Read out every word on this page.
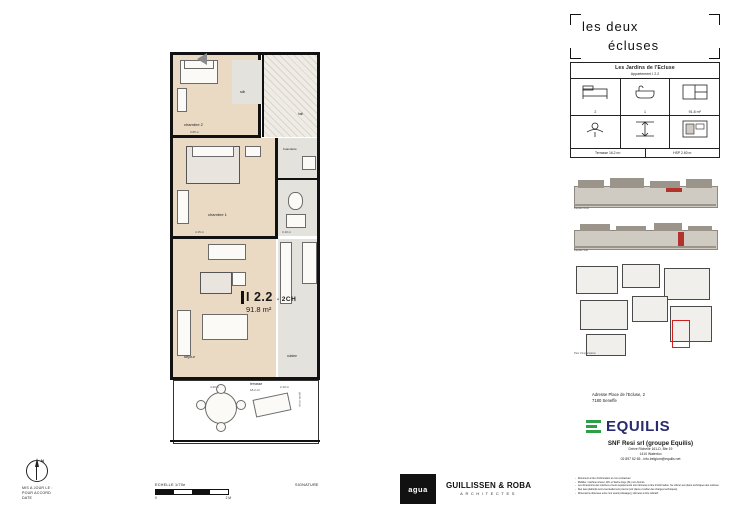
chambre 2
hall
sdb
chambre 1
buanderie
séjour	cuisine
terrasse
18.2 m²
garde-corps
4.20 m	2.10 m
4.15 m	3.10 m
3.65 m
I 2.2 - 2CH
91.8 m²
N
MIS A JOUR LE :
POUR ACCORD
DATE
ECHELLE 1/70e
0	2 M
SIGNATURE	agua GUILLISSEN & ROBA
ARCHITECTES
- Document à titre d'information et non contractuel.
- Mobilier, machine à laver, WC et Séche-linge (SL) non fournis.
- Les dimensions des cuisines et leurs équipements sont données à titre d'information. Se référer aux plans techniques des cuisines.
- Des taux-plafonds sont éventuellement prévus (voir plans et cahier des charges techniques).
- Dimensions obtenues entre mur avant polissage(,) données à titre indicatif.
les deux
écluses
Les Jardins de l'Ecluse
Appartement I 2.2
2	1	91.8 m²
Terrasse 16.2 m²	HSP 2.60 m
Façade Nord
Façade Sud
Plan d'implantation
Adresse Place de l'Ecluse, 2
7180 Seneffe
EQUILIS
SNF Resi srl (groupe Equilis)
Drève Richelle 161-D, Bte 19
1410 Waterloo
02 897 52 65 - info.belgium@equilis.net
